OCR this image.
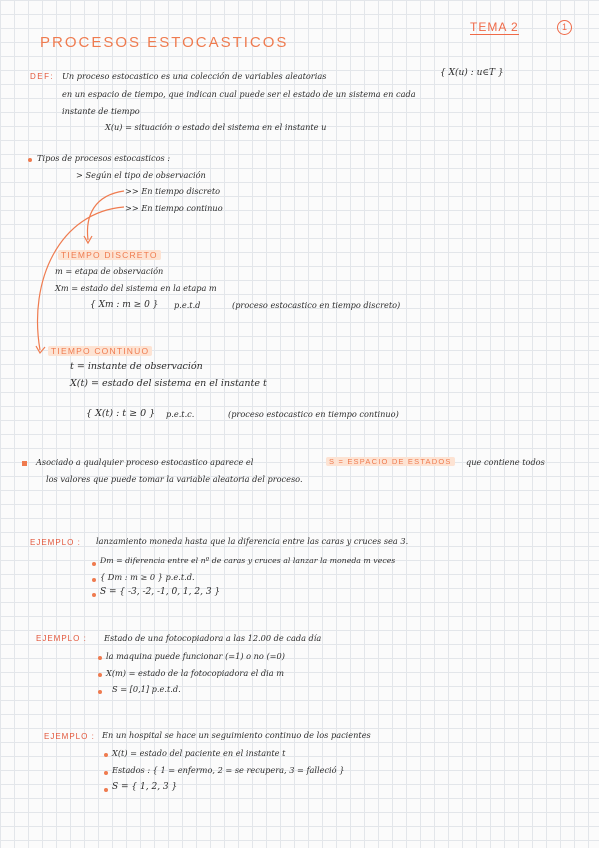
PROCESOS ESTOCASTICOS
TEMA 2	1
DEF: Un proceso estocastico es una colección de variables aleatorias	{ X(u) : u∈T }
en un espacio de tiempo, que indican cual puede ser el estado de un sistema en cada
instante de tiempo
X(u) = situación o estado del sistema en el instante u
Tipos de procesos estocasticos :
> Según el tipo de observación
>> En tiempo discreto
>> En tiempo continuo
TIEMPO DISCRETO
m = etapa de observación
Xm = estado del sistema en la etapa m
{ Xm : m ≥ 0 } p.e.t.d	(proceso estocastico en tiempo discreto)
TIEMPO CONTINUO
t = instante de observación
X(t) = estado del sistema en el instante t
{ X(t) : t ≥ 0 } p.e.t.c.	(proceso estocastico en tiempo continuo)
Asociado a qualquier proceso estocastico aparece el	S = ESPACIO DE ESTADOS	que contiene todos
los valores que puede tomar la variable aleatoria del proceso.
EJEMPLO : lanzamiento moneda hasta que la diferencia entre las caras y cruces sea 3.
Dm = diferencia entre el nº de caras y cruces al lanzar la moneda m veces
{ Dm : m ≥ 0 } p.e.t.d.
S = { -3, -2, -1, 0, 1, 2, 3 }
EJEMPLO : Estado de una fotocopiadora a las 12.00 de cada día
la maquina puede funcionar (=1) o no (=0)
X(m) = estado de la fotocopiadora el dia m
S = [0,1] p.e.t.d.
EJEMPLO : En un hospital se hace un seguimiento continuo de los pacientes
X(t) = estado del paciente en el instante t
Estados : { 1 = enfermo, 2 = se recupera, 3 = falleció }
S = { 1, 2, 3 }
